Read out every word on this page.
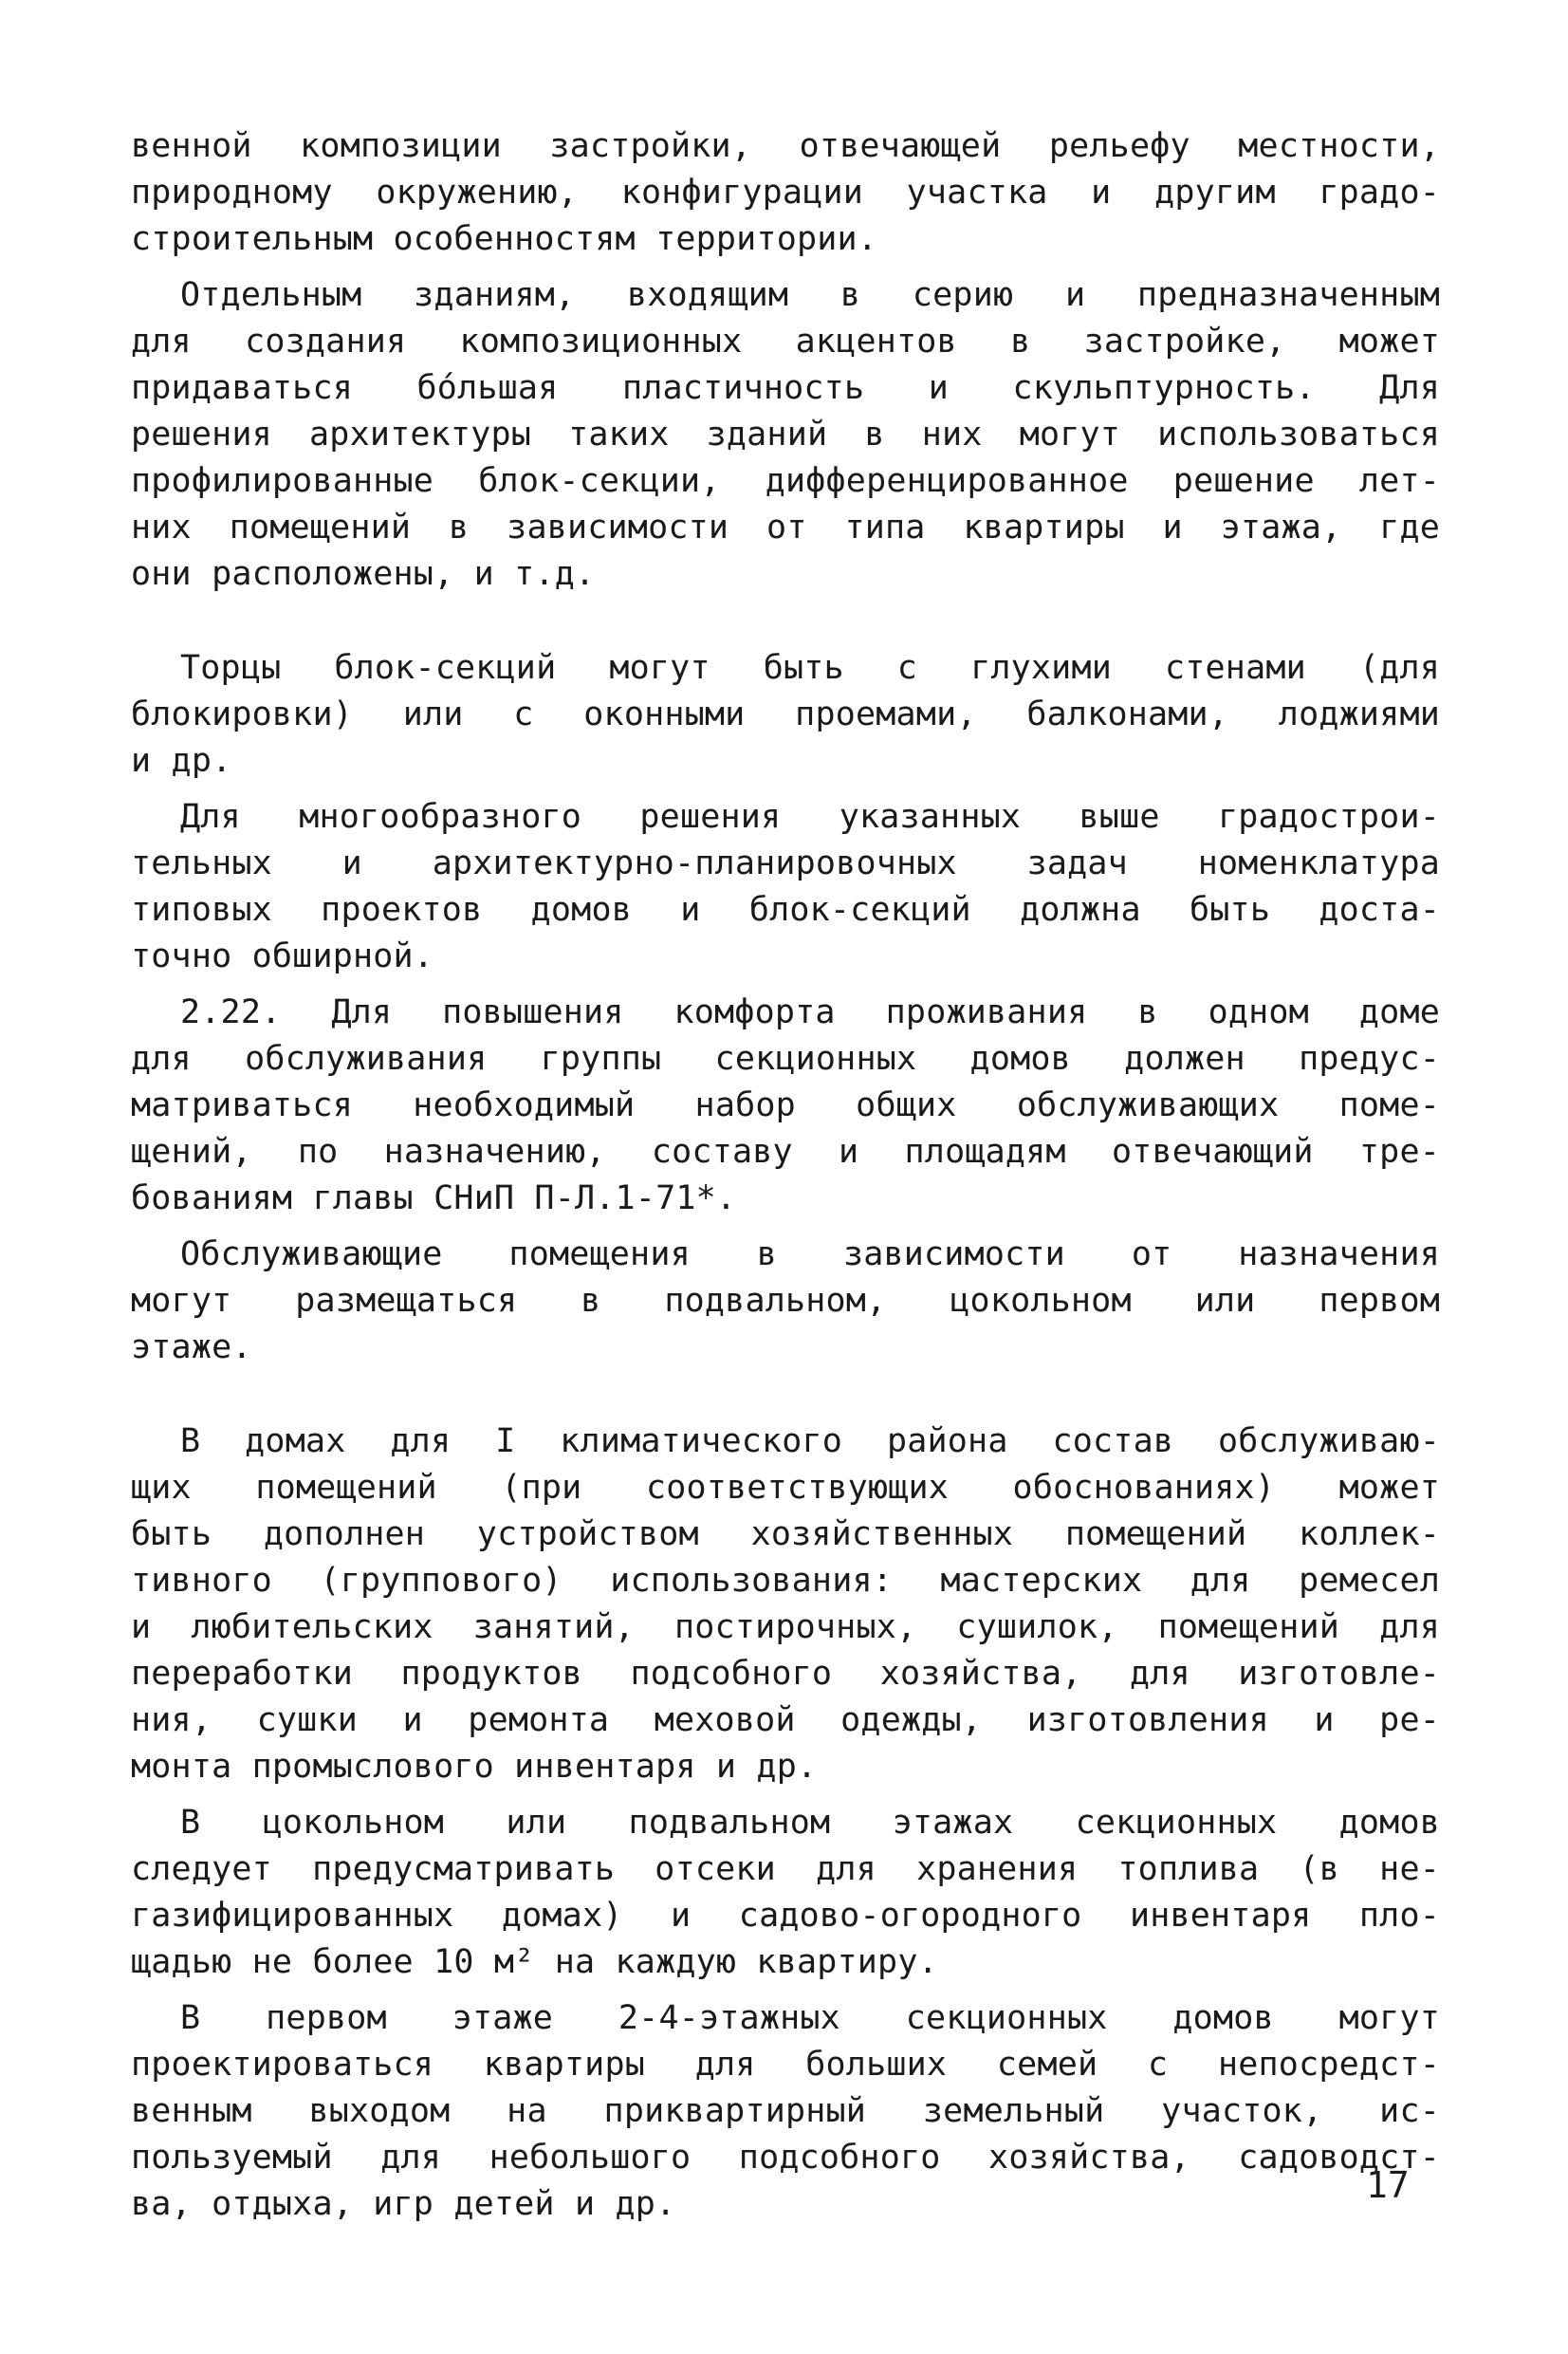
венной композиции застройки, отвечающей рельефу местности,
природному окружению, конфигурации участка и другим градо-
строительным особенностям территории.
Отдельным зданиям, входящим в серию и предназначенным
для создания композиционных акцентов в застройке, может
придаваться бóльшая пластичность и скульптурность. Для
решения архитектуры таких зданий в них могут использоваться
профилированные блок-секции, дифференцированное решение лет-
них помещений в зависимости от типа квартиры и этажа, где
они расположены, и т.д.
Торцы блок-секций могут быть с глухими стенами (для
блокировки) или с оконными проемами, балконами, лоджиями
и др.
Для многообразного решения указанных выше градострои-
тельных и архитектурно-планировочных задач номенклатура
типовых проектов домов и блок-секций должна быть доста-
точно обширной.
2.22. Для повышения комфорта проживания в одном доме
для обслуживания группы секционных домов должен предус-
матриваться необходимый набор общих обслуживающих поме-
щений, по назначению, составу и площадям отвечающий тре-
бованиям главы СНиП П-Л.1-71*.
Обслуживающие помещения в зависимости от назначения
могут размещаться в подвальном, цокольном или первом
этаже.
В домах для I климатического района состав обслуживаю-
щих помещений (при соответствующих обоснованиях) может
быть дополнен устройством хозяйственных помещений коллек-
тивного (группового) использования: мастерских для ремесел
и любительских занятий, постирочных, сушилок, помещений для
переработки продуктов подсобного хозяйства, для изготовле-
ния, сушки и ремонта меховой одежды, изготовления и ре-
монта промыслового инвентаря и др.
В цокольном или подвальном этажах секционных домов
следует предусматривать отсеки для хранения топлива (в не-
газифицированных домах) и садово-огородного инвентаря пло-
щадью не более 10 м² на каждую квартиру.
В первом этаже 2-4-этажных секционных домов могут
проектироваться квартиры для больших семей с непосредст-
венным выходом на приквартирный земельный участок, ис-
пользуемый для небольшого подсобного хозяйства, садоводст-
ва, отдыха, игр детей и др.	17
